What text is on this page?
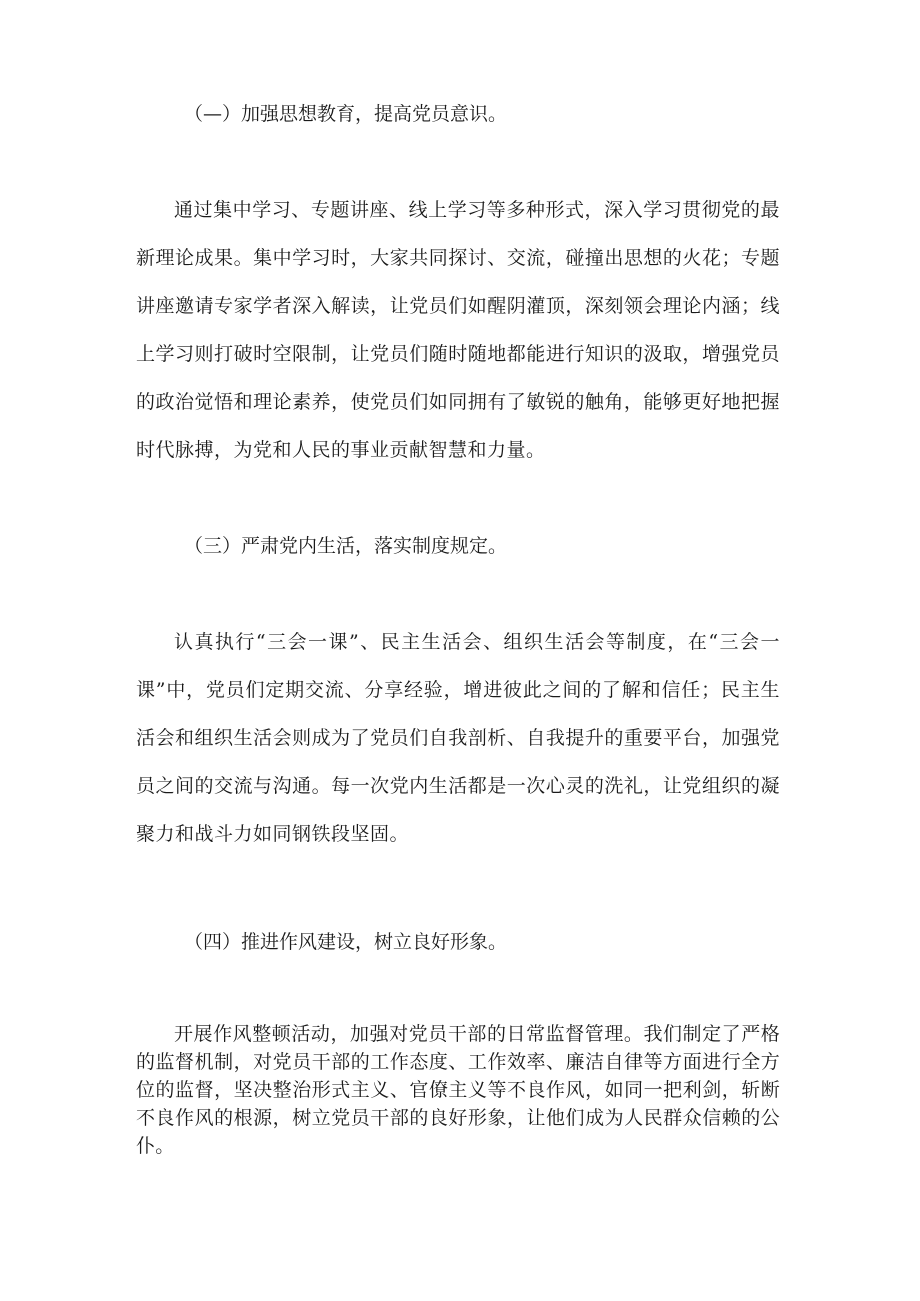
（—）加强思想教育，提高党员意识。

通过集中学习、专题讲座、线上学习等多种形式，深入学习贯彻党的最新理论成果。集中学习时，大家共同探讨、交流，碰撞出思想的火花；专题讲座邀请专家学者深入解读，让党员们如醒阴灌顶，深刻领会理论内涵；线上学习则打破时空限制，让党员们随时随地都能进行知识的汲取，增强党员的政治觉悟和理论素养，使党员们如同拥有了敏锐的触角，能够更好地把握时代脉搏，为党和人民的事业贡献智慧和力量。

（三）严肃党内生活，落实制度规定。

认真执行“三会一课”、民主生活会、组织生活会等制度，在“三会一课”中，党员们定期交流、分享经验，增进彼此之间的了解和信任；民主生活会和组织生活会则成为了党员们自我剖析、自我提升的重要平台，加强党员之间的交流与沟通。每一次党内生活都是一次心灵的洗礼，让党组织的凝聚力和战斗力如同钢铁段坚固。

（四）推进作风建设，树立良好形象。

开展作风整顿活动，加强对党员干部的日常监督管理。我们制定了严格的监督机制，对党员干部的工作态度、工作效率、廉洁自律等方面进行全方位的监督，坚决整治形式主义、官僚主义等不良作风，如同一把利剑，斩断不良作风的根源，树立党员干部的良好形象，让他们成为人民群众信赖的公仆。
